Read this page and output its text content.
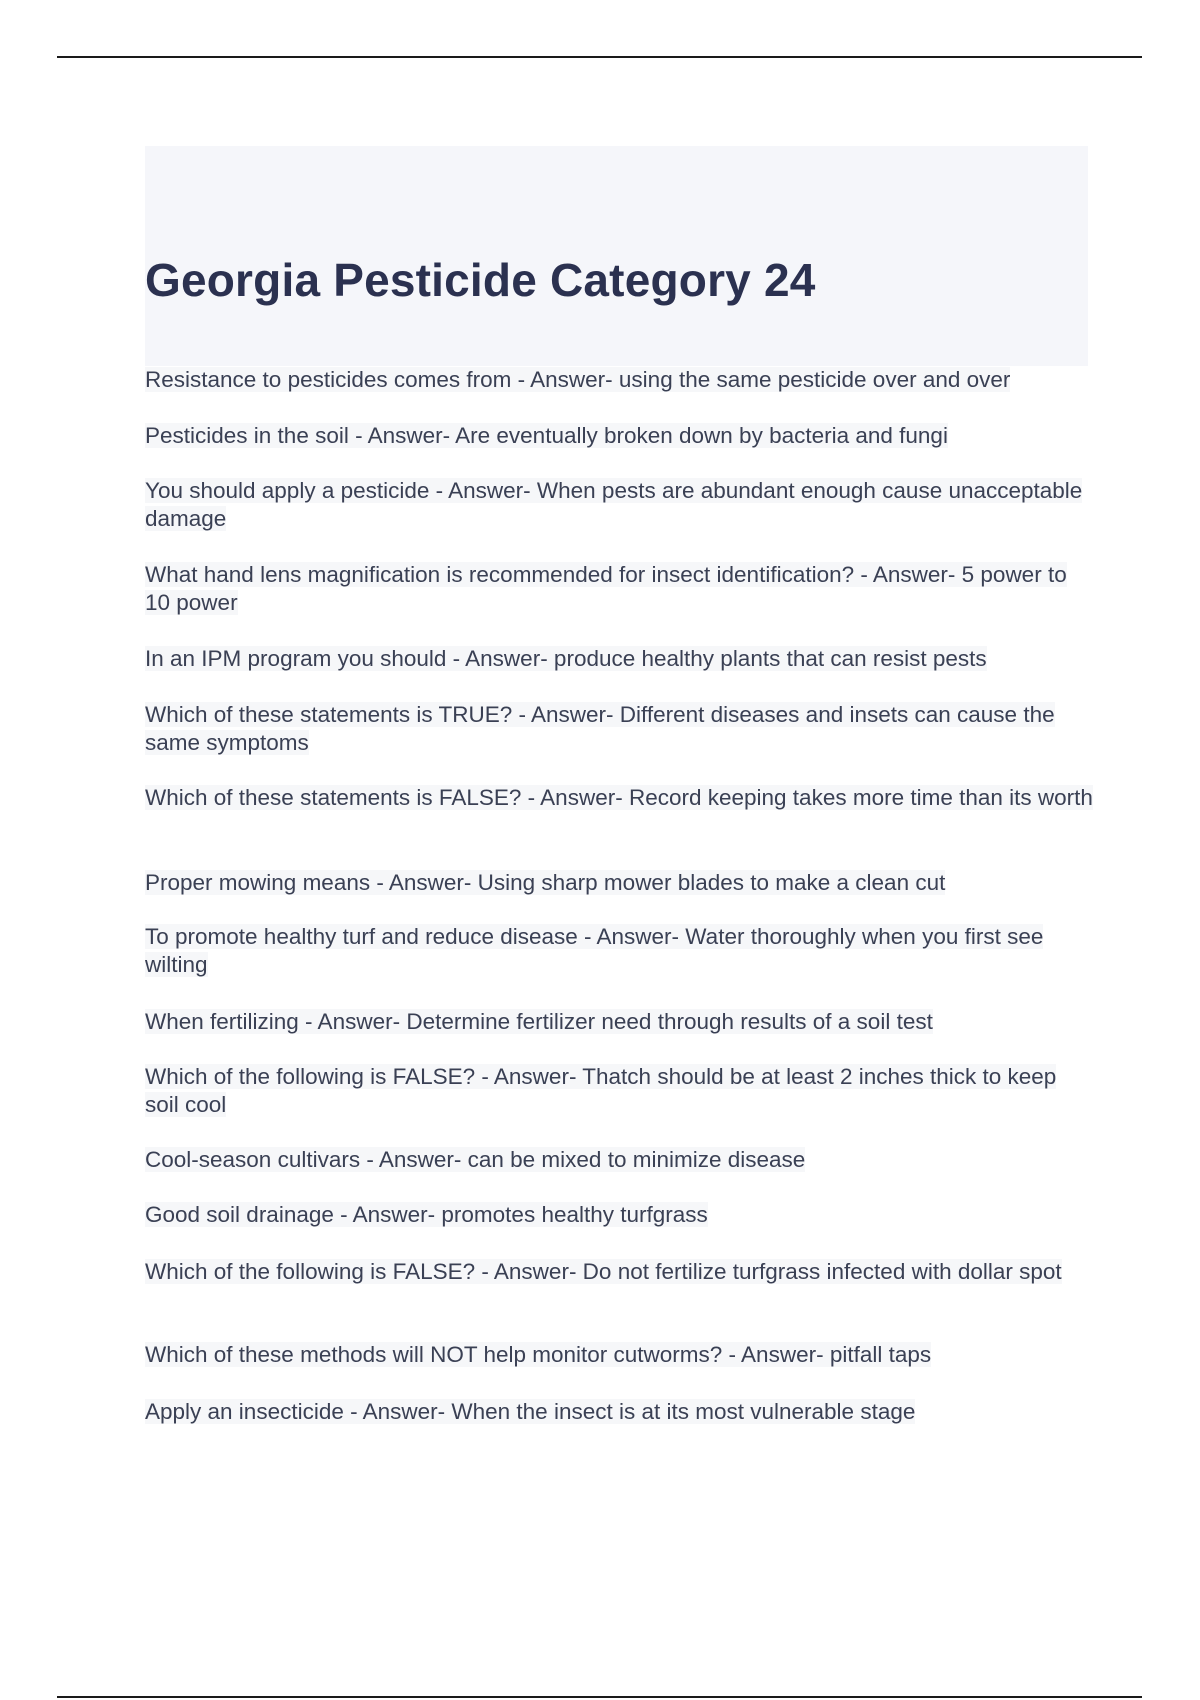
Georgia Pesticide Category 24
Resistance to pesticides comes from - Answer- using the same pesticide over and over
Pesticides in the soil - Answer- Are eventually broken down by bacteria and fungi
You should apply a pesticide - Answer- When pests are abundant enough cause unacceptable damage
What hand lens magnification is recommended for insect identification? - Answer- 5 power to 10 power
In an IPM program you should - Answer- produce healthy plants that can resist pests
Which of these statements is TRUE? - Answer- Different diseases and insets can cause the same symptoms
Which of these statements is FALSE? - Answer- Record keeping takes more time than its worth
Proper mowing means - Answer- Using sharp mower blades to make a clean cut
To promote healthy turf and reduce disease - Answer- Water thoroughly when you first see wilting
When fertilizing - Answer- Determine fertilizer need through results of a soil test
Which of the following is FALSE? - Answer- Thatch should be at least 2 inches thick to keep soil cool
Cool-season cultivars - Answer- can be mixed to minimize disease
Good soil drainage - Answer- promotes healthy turfgrass
Which of the following is FALSE? - Answer- Do not fertilize turfgrass infected with dollar spot
Which of these methods will NOT help monitor cutworms? - Answer- pitfall taps
Apply an insecticide - Answer- When the insect is at its most vulnerable stage
